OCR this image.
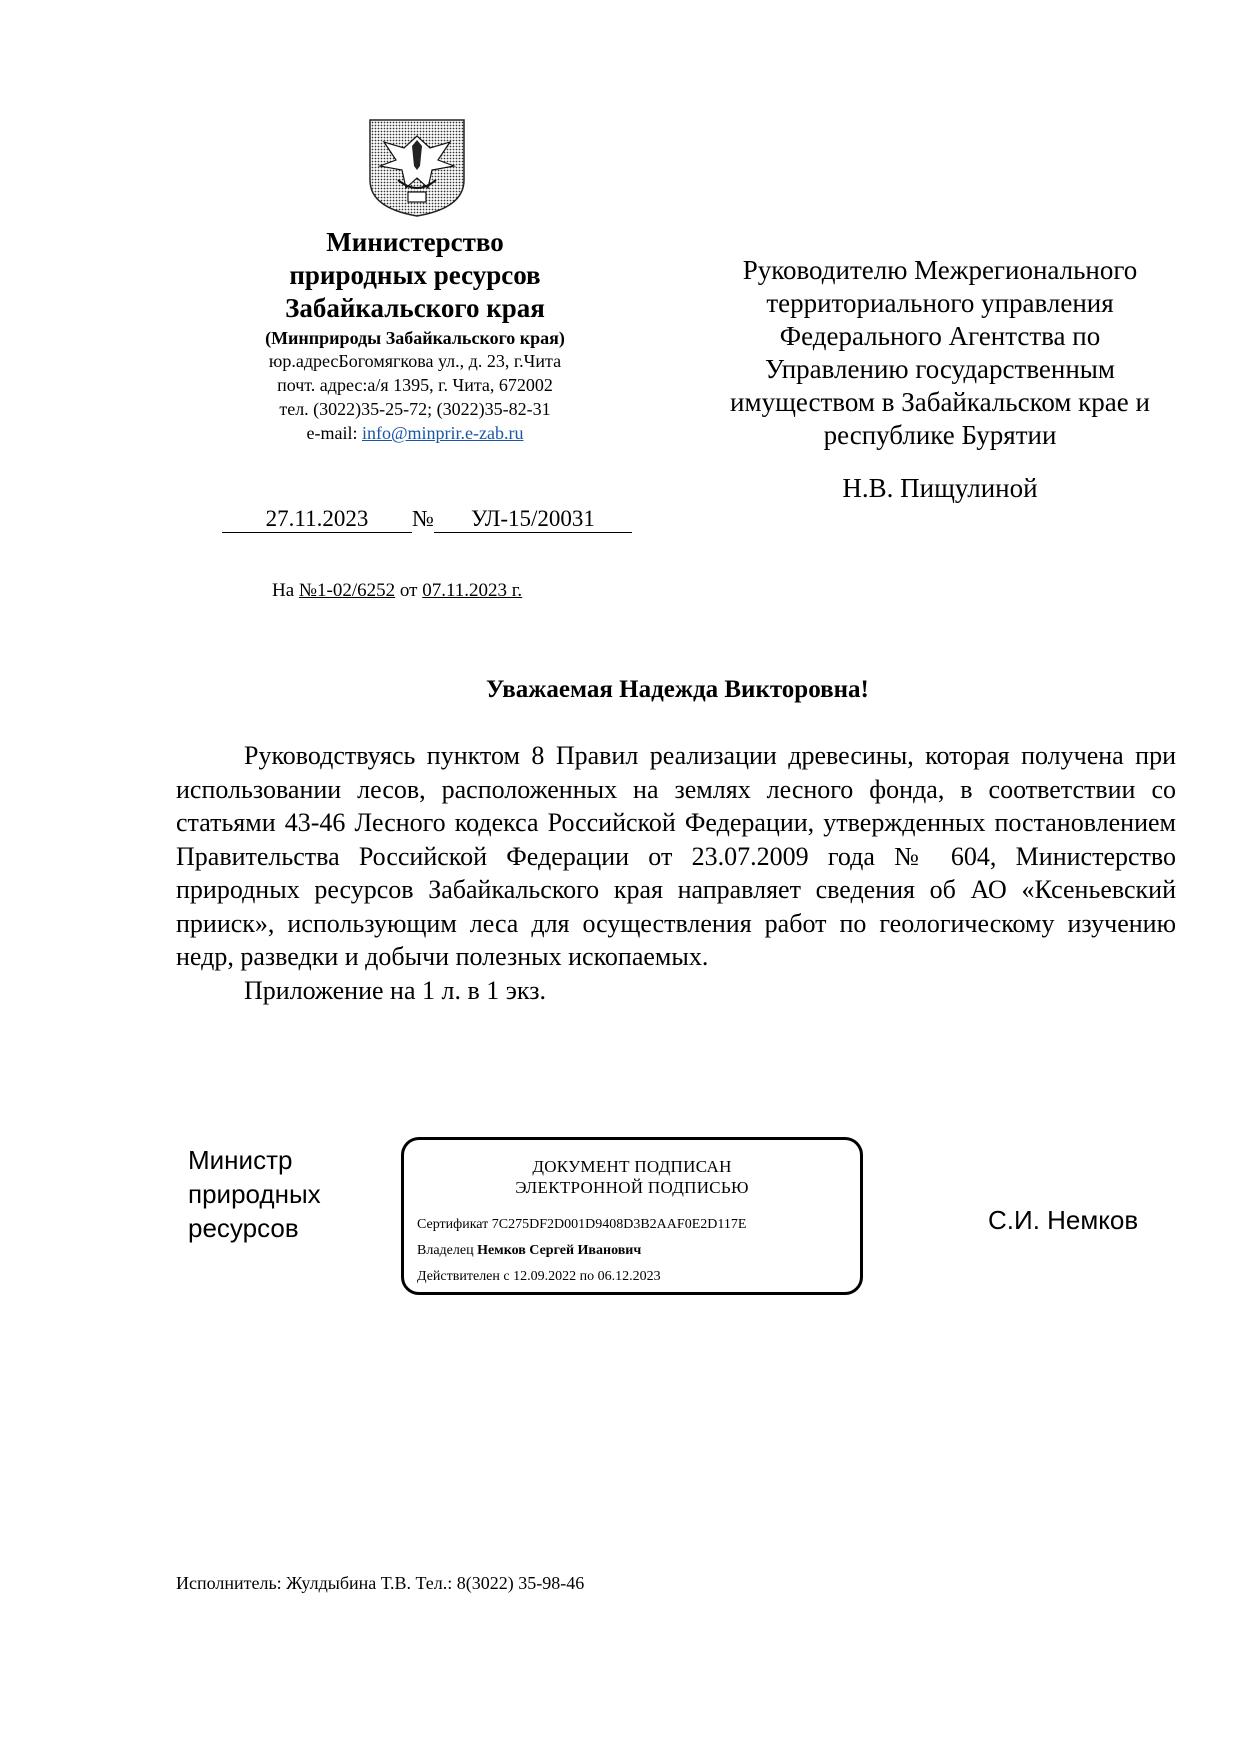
Министерство
природных ресурсов
Забайкальского края
(Минприроды Забайкальского края)
юр.адресБогомягкова ул., д. 23, г.Чита
почт. адрес:а/я 1395, г. Чита, 672002
тел. (3022)35-25-72; (3022)35-82-31
e-mail: info@minprir.e-zab.ru
Руководителю Межрегионального
территориального управления
Федерального Агентства по
Управлению государственным
имуществом в Забайкальском крае и
республике Бурятии
Н.В. Пищулиной
27.11.2023 № УЛ-15/20031
На №1-02/6252 от 07.11.2023 г.
Уважаемая Надежда Викторовна!

Руководствуясь пунктом 8 Правил реализации древесины, которая получена при использовании лесов, расположенных на землях лесного фонда, в соответствии со статьями 43-46 Лесного кодекса Российской Федерации, утвержденных постановлением Правительства Российской Федерации от 23.07.2009 года № 604, Министерство природных ресурсов Забайкальского края направляет сведения об АО «Ксеньевский прииск», использующим леса для осуществления работ по геологическому изучению недр, разведки и добычи полезных ископаемых.

Приложение на 1 л. в 1 экз.

Министр
природных
ресурсов
ДОКУМЕНТ ПОДПИСАН
ЭЛЕКТРОННОЙ ПОДПИСЬЮ
Сертификат 7C275DF2D001D9408D3B2AAF0E2D117E
Владелец Немков Сергей Иванович
Действителен с 12.09.2022 по 06.12.2023
С.И. Немков
Исполнитель: Жулдыбина Т.В. Тел.: 8(3022) 35-98-46
